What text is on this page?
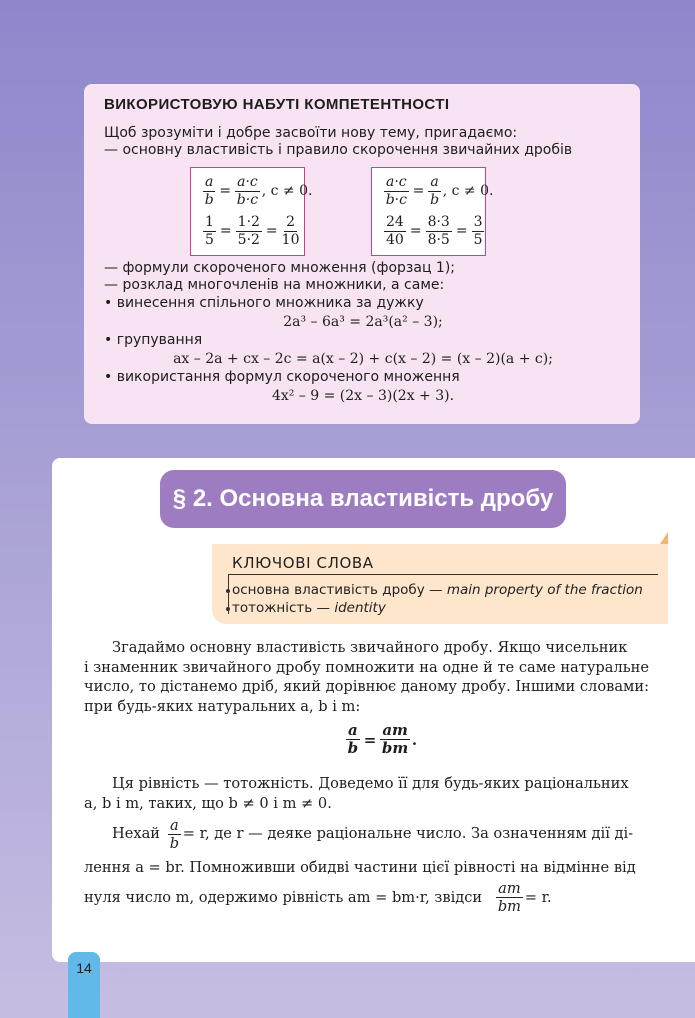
ВИКОРИСТОВУЮ НАБУТІ КОМПЕТЕНТНОСТІ
Щоб зрозуміти і добре засвоїти нову тему, пригадаємо:
— основну властивість і правило скорочення звичайних дробів
$\frac{a}{b} = \frac{a\cdot c}{b\cdot c}$ , c ≠ 0.
$\frac{1}{5} = \frac{1\cdot 2}{5\cdot 2} = \frac{2}{10}$
$\frac{a\cdot c}{b\cdot c} = \frac{a}{b}$ , c ≠ 0.
$\frac{24}{40} = \frac{8\cdot 3}{8\cdot 5} = \frac{3}{5}$
— формули скороченого множення (форзац 1);
— розклад многочленів на множники, а саме:
• винесення спільного множника за дужку
2a³ – 6a³ = 2a³(a² – 3);
• групування
ax – 2a + cx – 2c = a(x – 2) + c(x – 2) = (x – 2)(a + c);
• використання формул скороченого множення
4x² – 9 = (2x – 3)(2x + 3).
§ 2. Основна властивість дробу
КЛЮЧОВІ СЛОВА
основна властивість дробу — main property of the fraction
тотожність — identity
Згадаймо основну властивість звичайного дробу. Якщо чисельник
і знаменник звичайного дробу помножити на одне й те саме натуральне
число, то дістанемо дріб, який дорівнює даному дробу. Іншими словами:
при будь-яких натуральних a, b і m:
$\frac{a}{b} = \frac{am}{bm}$ .
Ця рівність — тотожність. Доведемо її для будь-яких раціональних
a, b і m, таких, що b ≠ 0 і m ≠ 0.
Нехай $\frac{a}{b} = r$, де r — деяке раціональне число. За означенням дії ді-
лення a = br. Помноживши обидві частини цієї рівності на відмінне від
нуля число m, одержимо рівність am = bm·r, звідси $\frac{am}{bm} = r$.
14
